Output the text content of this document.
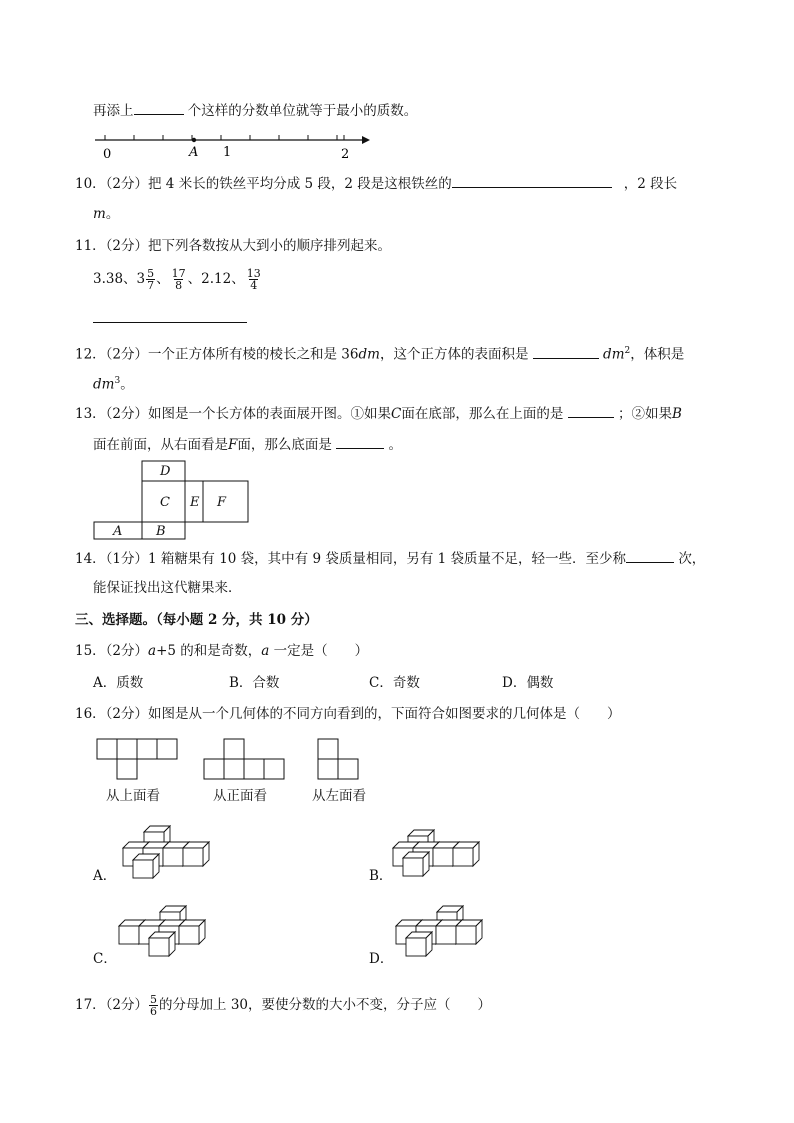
再添上	个这样的分数单位就等于最小的质数。
0	A 1	2
10．（2分）把 4 米长的铁丝平均分成 5 段，2 段是这根铁丝的	，2 段长
m。
11．（2分）把下列各数按从大到小的顺序排列起来。
3.38、$3 \frac{5}{7}$ 、 $\frac{17}{8}$ 、2.12、 $\frac{13}{4}$
12．（2分）一个正方体所有棱的棱长之和是 36dm，这个正方体的表面积是	$dm^2$，体积是
$dm^3$。
13．（2分）如图是一个长方体的表面展开图。①如果C面在底部，那么在上面的是	；②如果B
面在前面，从右面看是F面，那么底面是	。
D
C E F
A	B
14．（1分）1 箱糖果有 10 袋，其中有 9 袋质量相同，另有 1 袋质量不足，轻一些．至少称	次，
能保证找出这代糖果来．
三、选择题。（每小题 2 分，共 10 分）
15．（2分）a+5 的和是奇数，a 一定是（　　）
A．质数	B．合数	C．奇数	D．偶数
16．（2分）如图是从一个几何体的不同方向看到的，下面符合如图要求的几何体是（　　）
从上面看	从正面看	从左面看
A．	B．
C．	D．
17．（2分） $\frac{5}{6}$ 的分母加上 30，要使分数的大小不变，分子应（　　）
